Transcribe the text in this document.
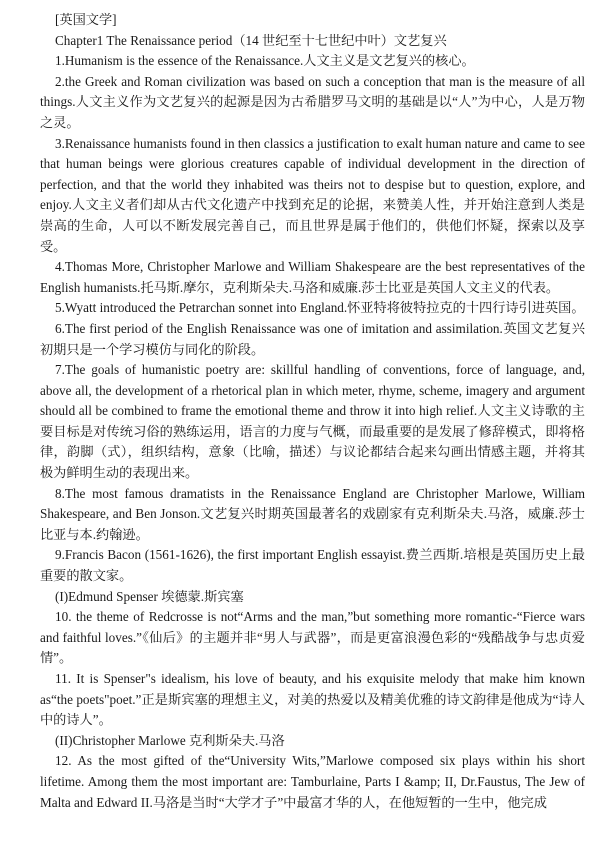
[英国文学]

Chapter1 The Renaissance period（14 世纪至十七世纪中叶）文艺复兴

1.Humanism is the essence of the Renaissance.人文主义是文艺复兴的核心。

2.the Greek and Roman civilization was based on such a conception that man is the measure of all things.人文主义作为文艺复兴的起源是因为古希腊罗马文明的基础是以“人”为中心，人是万物之灵。

3.Renaissance humanists found in then classics a justification to exalt human nature and came to see that human beings were glorious creatures capable of individual development in the direction of perfection, and that the world they inhabited was theirs not to despise but to question, explore, and enjoy.人文主义者们却从古代文化遗产中找到充足的论据，来赞美人性，并开始注意到人类是崇高的生命，人可以不断发展完善自己，而且世界是属于他们的，供他们怀疑，探索以及享受。

4.Thomas More, Christopher Marlowe and William Shakespeare are the best representatives of the English humanists.托马斯.摩尔，克利斯朵夫.马洛和威廉.莎士比亚是英国人文主义的代表。

5.Wyatt introduced the Petrarchan sonnet into England.怀亚特将彼特拉克的十四行诗引进英国。

6.The first period of the English Renaissance was one of imitation and assimilation.英国文艺复兴初期只是一个学习模仿与同化的阶段。

7.The goals of humanistic poetry are: skillful handling of conventions, force of language, and, above all, the development of a rhetorical plan in which meter, rhyme, scheme, imagery and argument should all be combined to frame the emotional theme and throw it into high relief.人文主义诗歌的主要目标是对传统习俗的熟练运用，语言的力度与气概，而最重要的是发展了修辞模式，即将格律，韵脚（式），组织结构，意象（比喻，描述）与议论都结合起来勾画出情感主题，并将其极为鲜明生动的表现出来。

8.The most famous dramatists in the Renaissance England are Christopher Marlowe, William Shakespeare, and Ben Jonson.文艺复兴时期英国最著名的戏剧家有克利斯朵夫.马洛，威廉.莎士比亚与本.约翰逊。

9.Francis Bacon (1561-1626), the first important English essayist.费兰西斯.培根是英国历史上最重要的散文家。

(I)Edmund Spenser 埃德蒙.斯宾塞

10. the theme of Redcrosse is not“Arms and the man,”but something more romantic-“Fierce wars and faithful loves.”《仙后》的主题并非“男人与武器”，而是更富浪漫色彩的“残酷战争与忠贞爱情”。

11. It is Spenser"s idealism, his love of beauty, and his exquisite melody that make him known as“the poets"poet.”正是斯宾塞的理想主义，对美的热爱以及精美优雅的诗文韵律是他成为“诗人中的诗人”。

(II)Christopher Marlowe 克利斯朵夫.马洛

12. As the most gifted of the“University Wits,”Marlowe composed six plays within his short lifetime. Among them the most important are: Tamburlaine, Parts I &amp; II, Dr.Faustus, The Jew of Malta and Edward II.马洛是当时“大学才子”中最富才华的人，在他短暂的一生中，他完成
